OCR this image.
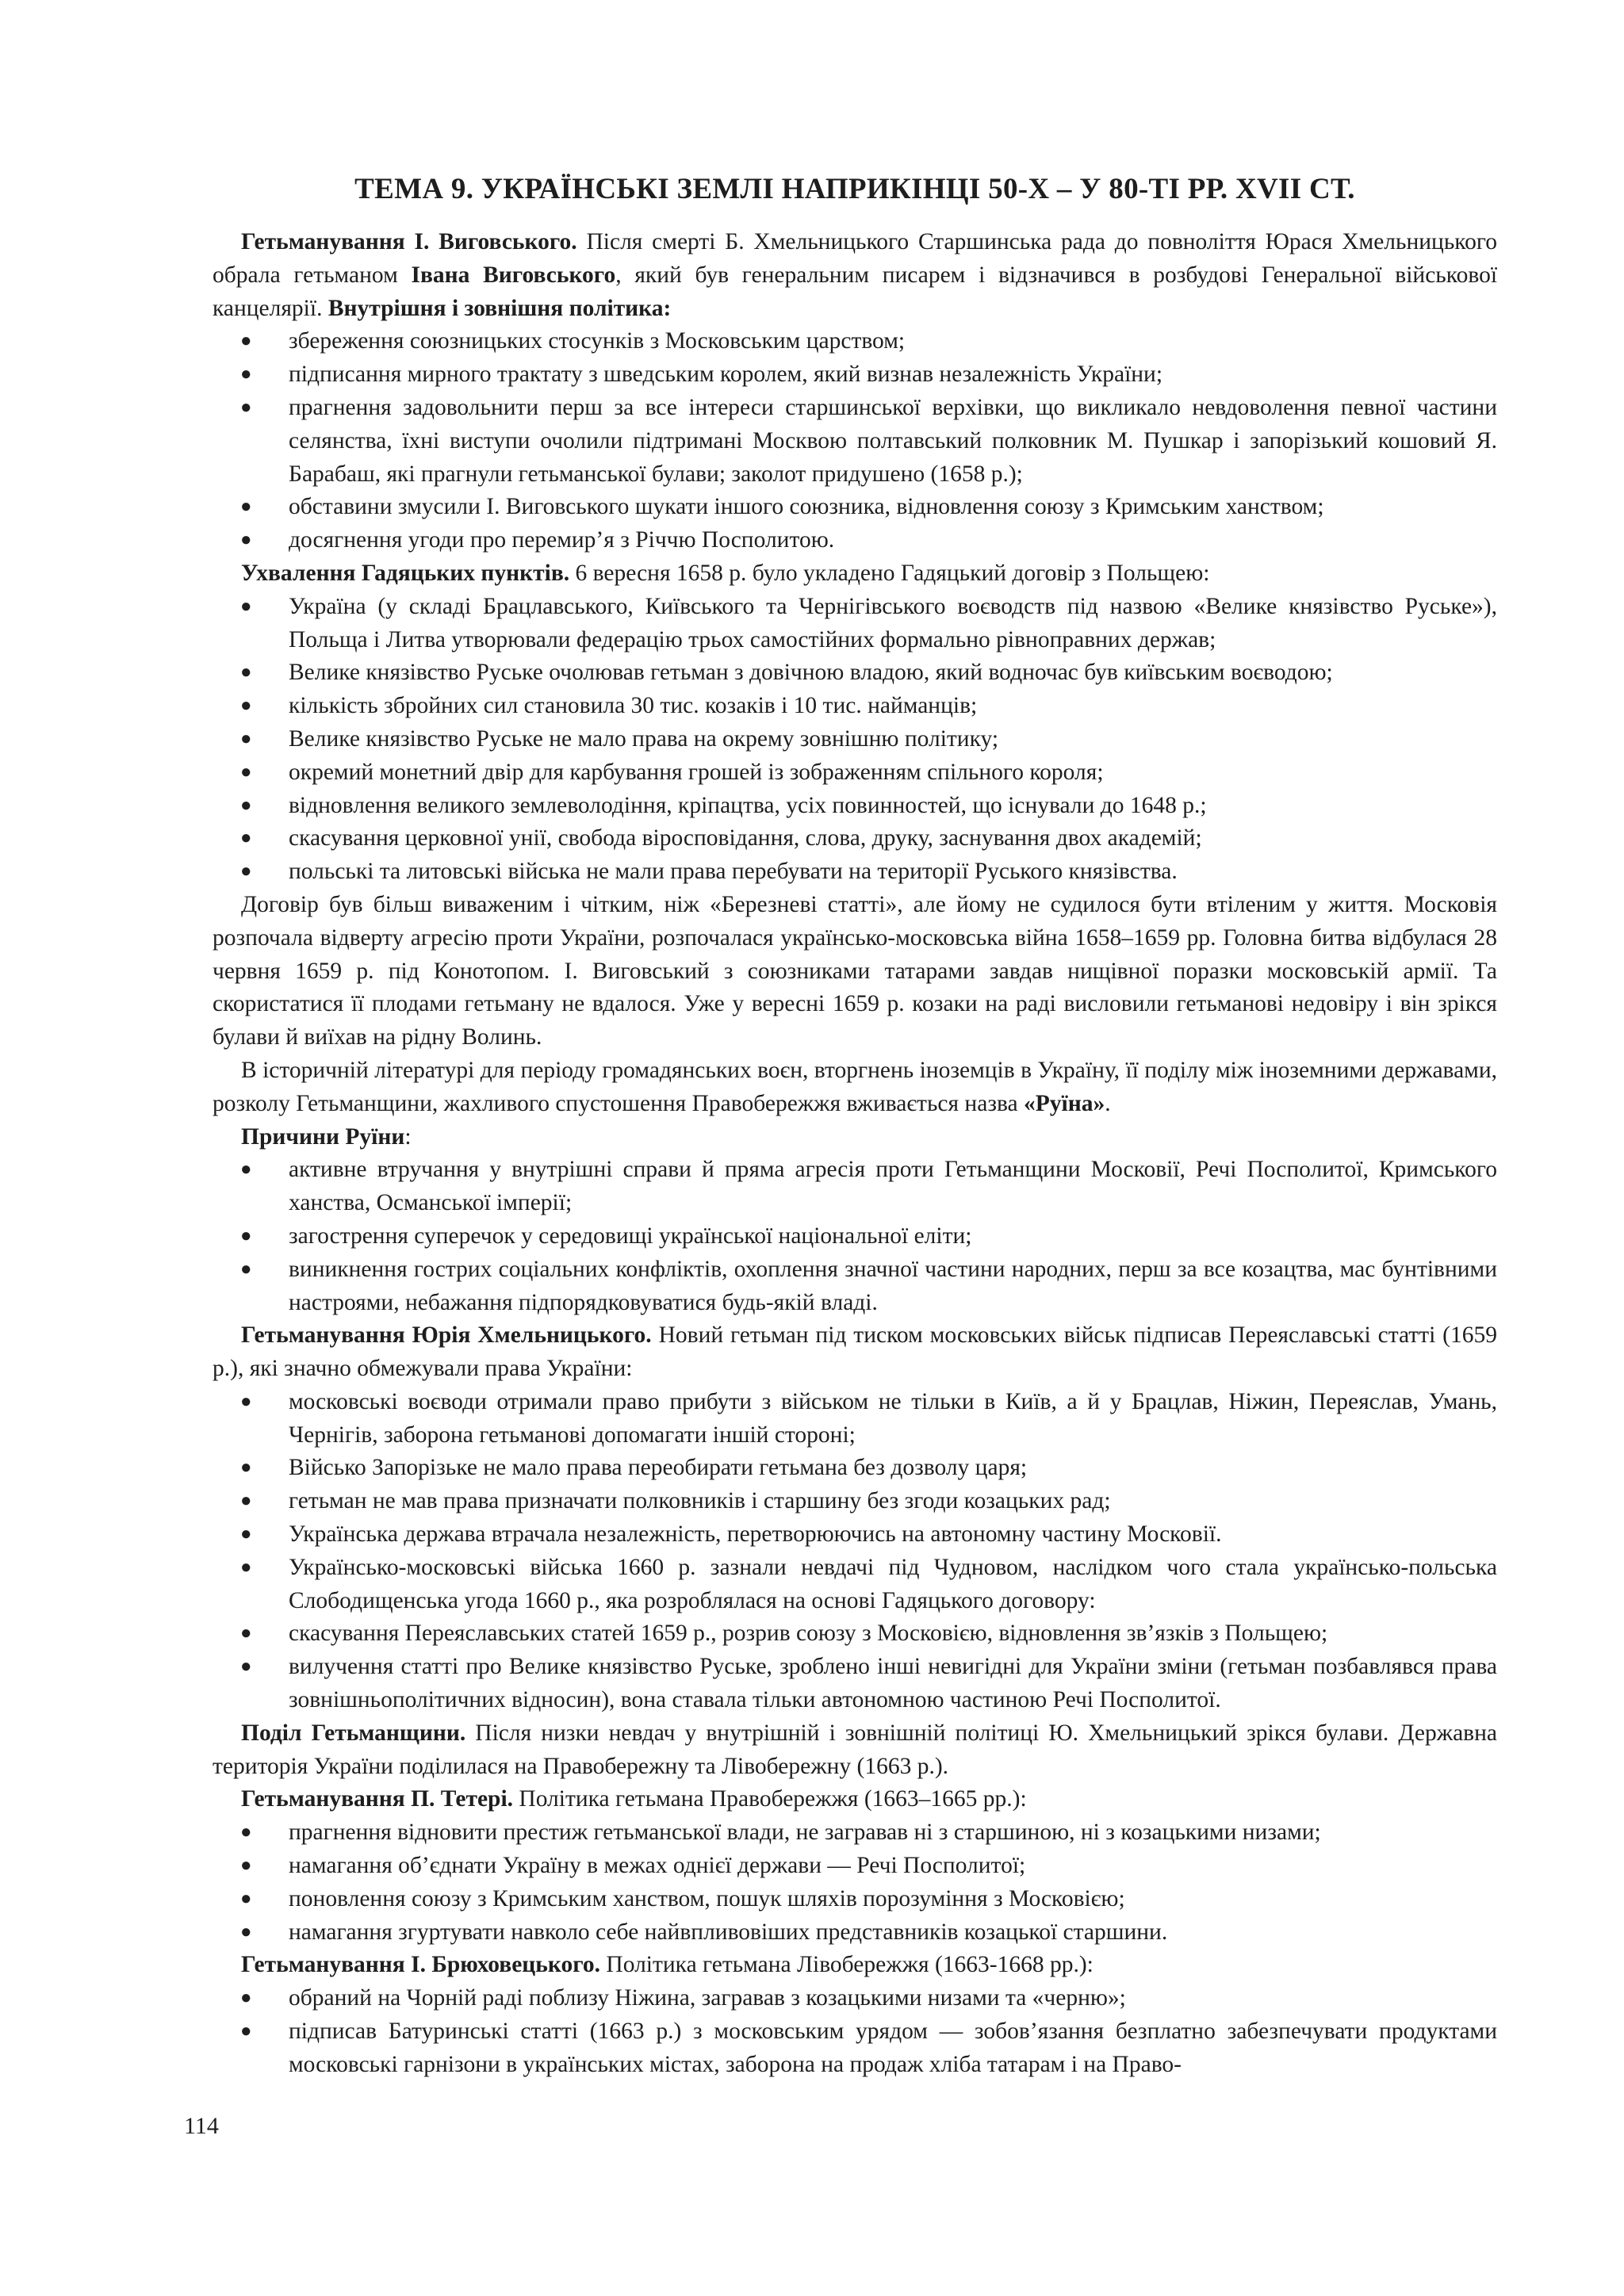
ТЕМА 9. УКРАЇНСЬКІ ЗЕМЛІ НАПРИКІНЦІ 50-Х – У 80-ТІ РР. XVII СТ.

Гетьманування І. Виговського. Після смерті Б. Хмельницького Старшинська рада до повноліття Юрася Хмельницького обрала гетьманом Івана Виговського, який був генеральним писарем і відзначився в розбудові Генеральної військової канцелярії. Внутрішня і зовнішня політика:

● збереження союзницьких стосунків з Московським царством;
● підписання мирного трактату з шведським королем, який визнав незалежність України;
● прагнення задовольнити перш за все інтереси старшинської верхівки, що викликало невдоволення певної частини селянства, їхні виступи очолили підтримані Москвою полтавський полковник М. Пушкар і запорізький кошовий Я. Барабаш, які прагнули гетьманської булави; заколот придушено (1658 р.);
● обставини змусили І. Виговського шукати іншого союзника, відновлення союзу з Кримським ханством;
● досягнення угоди про перемир’я з Річчю Посполитою.

Ухвалення Гадяцьких пунктів. 6 вересня 1658 р. було укладено Гадяцький договір з Польщею:

● Україна (у складі Брацлавського, Київського та Чернігівського воєводств під назвою «Велике князівство Руське»), Польща і Литва утворювали федерацію трьох самостійних формально рівноправних держав;
● Велике князівство Руське очолював гетьман з довічною владою, який водночас був київським воєводою;
● кількість збройних сил становила 30 тис. козаків і 10 тис. найманців;
● Велике князівство Руське не мало права на окрему зовнішню політику;
● окремий монетний двір для карбування грошей із зображенням спільного короля;
● відновлення великого землеволодіння, кріпацтва, усіх повинностей, що існували до 1648 р.;
● скасування церковної унії, свобода віросповідання, слова, друку, заснування двох академій;
● польські та литовські війська не мали права перебувати на території Руського князівства.

Договір був більш виваженим і чітким, ніж «Березневі статті», але йому не судилося бути втіленим у життя. Московія розпочала відверту агресію проти України, розпочалася українсько-московська війна 1658–1659 рр. Головна битва відбулася 28 червня 1659 р. під Конотопом. І. Виговський з союзниками татарами завдав нищівної поразки московській армії. Та скористатися її плодами гетьману не вдалося. Уже у вересні 1659 р. козаки на раді висловили гетьманові недовіру і він зрікся булави й виїхав на рідну Волинь.

В історичній літературі для періоду громадянських воєн, вторгнень іноземців в Україну, її поділу між іноземними державами, розколу Гетьманщини, жахливого спустошення Правобережжя вживається назва «Руїна».

Причини Руїни:

● активне втручання у внутрішні справи й пряма агресія проти Гетьманщини Московії, Речі Посполитої, Кримського ханства, Османської імперії;
● загострення суперечок у середовищі української національної еліти;
● виникнення гострих соціальних конфліктів, охоплення значної частини народних, перш за все козацтва, мас бунтівними настроями, небажання підпорядковуватися будь-якій владі.

Гетьманування Юрія Хмельницького. Новий гетьман під тиском московських військ підписав Переяславські статті (1659 р.), які значно обмежували права України:

● московські воєводи отримали право прибути з військом не тільки в Київ, а й у Брацлав, Ніжин, Переяслав, Умань, Чернігів, заборона гетьманові допомагати іншій стороні;
● Військо Запорізьке не мало права переобирати гетьмана без дозволу царя;
● гетьман не мав права призначати полковників і старшину без згоди козацьких рад;
● Українська держава втрачала незалежність, перетворюючись на автономну частину Московії.
● Українсько-московські війська 1660 р. зазнали невдачі під Чудновом, наслідком чого стала українсько-польська Слободищенська угода 1660 р., яка розроблялася на основі Гадяцького договору:
● скасування Переяславських статей 1659 р., розрив союзу з Московією, відновлення зв’язків з Польщею;
● вилучення статті про Велике князівство Руське, зроблено інші невигідні для України зміни (гетьман позбавлявся права зовнішньополітичних відносин), вона ставала тільки автономною частиною Речі Посполитої.

Поділ Гетьманщини. Після низки невдач у внутрішній і зовнішній політиці Ю. Хмельницький зрікся булави. Державна територія України поділилася на Правобережну та Лівобережну (1663 р.).

Гетьманування П. Тетері. Політика гетьмана Правобережжя (1663–1665 рр.):

● прагнення відновити престиж гетьманської влади, не загравав ні з старшиною, ні з козацькими низами;
● намагання об’єднати Україну в межах однієї держави — Речі Посполитої;
● поновлення союзу з Кримським ханством, пошук шляхів порозуміння з Московією;
● намагання згуртувати навколо себе найвпливовіших представників козацької старшини.

Гетьманування І. Брюховецького. Політика гетьмана Лівобережжя (1663-1668 рр.):

● обраний на Чорній раді поблизу Ніжина, загравав з козацькими низами та «черню»;
● підписав Батуринські статті (1663 р.) з московським урядом — зобов’язання безплатно забезпечувати продуктами московські гарнізони в українських містах, заборона на продаж хліба татарам і на Право-
114
